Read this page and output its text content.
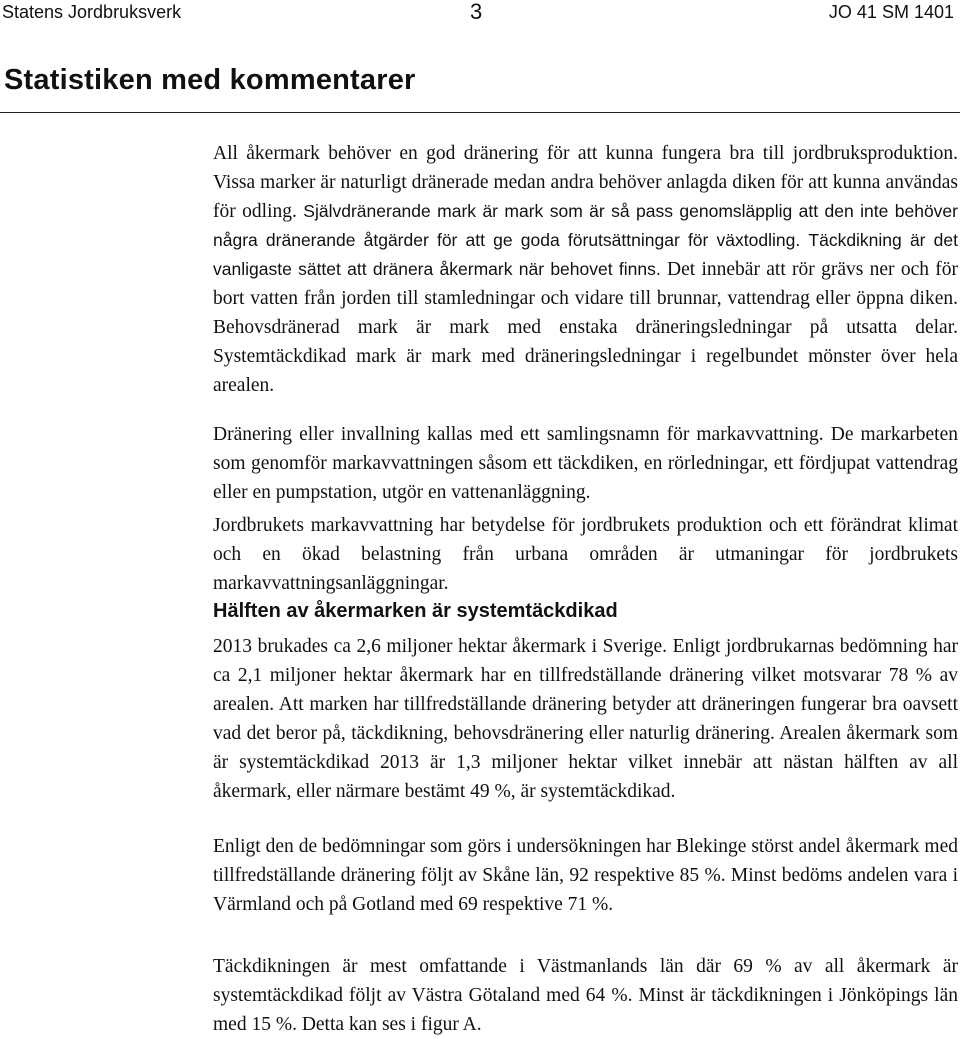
Statens Jordbruksverk	3	JO 41 SM 1401
Statistiken med kommentarer

All åkermark behöver en god dränering för att kunna fungera bra till jordbruksproduktion. Vissa marker är naturligt dränerade medan andra behöver anlagda diken för att kunna användas för odling. Självdränerande mark är mark som är så pass genomsläpplig att den inte behöver några dränerande åtgärder för att ge goda förutsättningar för växtodling. Täckdikning är det vanligaste sättet att dränera åkermark när behovet finns. Det innebär att rör grävs ner och för bort vatten från jorden till stamledningar och vidare till brunnar, vattendrag eller öppna diken. Behovsdränerad mark är mark med enstaka dräneringsledningar på utsatta delar. Systemtäckdikad mark är mark med dräneringsledningar i regelbundet mönster över hela arealen.

Dränering eller invallning kallas med ett samlingsnamn för markavvattning. De markarbeten som genomför markavvattningen såsom ett täckdiken, en rörledningar, ett fördjupat vattendrag eller en pumpstation, utgör en vattenanläggning.

Jordbrukets markavvattning har betydelse för jordbrukets produktion och ett förändrat klimat och en ökad belastning från urbana områden är utmaningar för jordbrukets markavvattningsanläggningar.

Hälften av åkermarken är systemtäckdikad

2013 brukades ca 2,6 miljoner hektar åkermark i Sverige. Enligt jordbrukarnas bedömning har ca 2,1 miljoner hektar åkermark har en tillfredställande dränering vilket motsvarar 78 % av arealen. Att marken har tillfredställande dränering betyder att dräneringen fungerar bra oavsett vad det beror på, täckdikning, behovsdränering eller naturlig dränering. Arealen åkermark som är systemtäckdikad 2013 är 1,3 miljoner hektar vilket innebär att nästan hälften av all åkermark, eller närmare bestämt 49 %, är systemtäckdikad.

Enligt den de bedömningar som görs i undersökningen har Blekinge störst andel åkermark med tillfredställande dränering följt av Skåne län, 92 respektive 85 %. Minst bedöms andelen vara i Värmland och på Gotland med 69 respektive 71 %.

Täckdikningen är mest omfattande i Västmanlands län där 69 % av all åkermark är systemtäckdikad följt av Västra Götaland med 64 %. Minst är täckdikningen i Jönköpings län med 15 %. Detta kan ses i figur A.
